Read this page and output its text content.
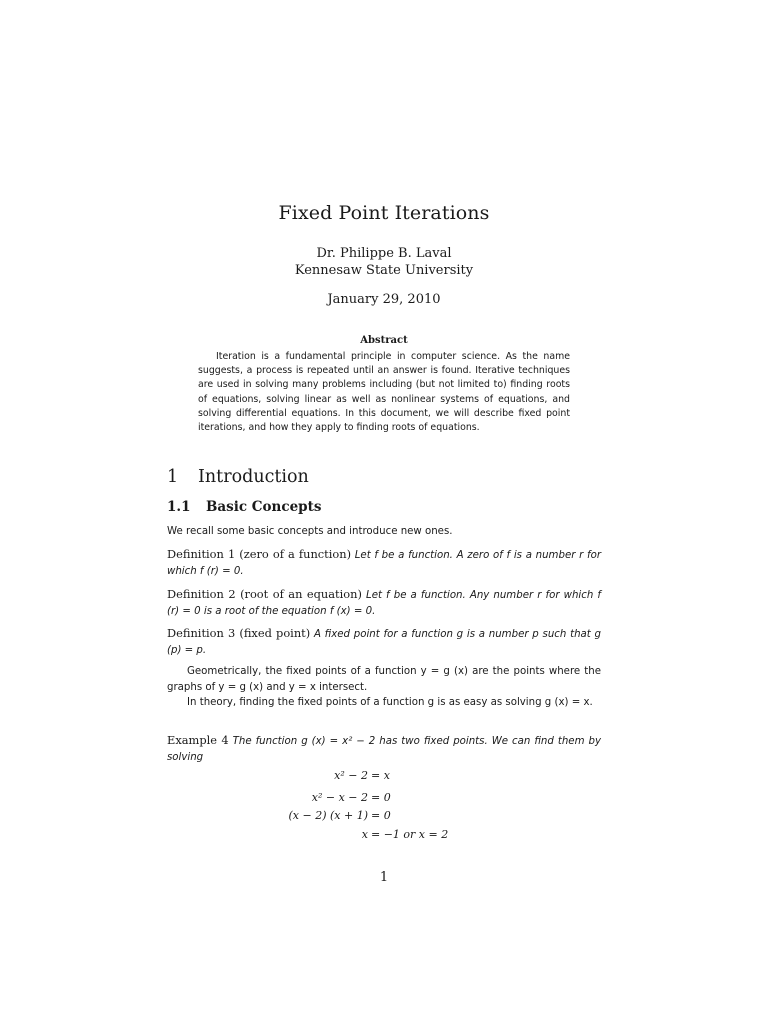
Fixed Point Iterations
Dr. Philippe B. Laval
Kennesaw State University
January 29, 2010
Abstract

Iteration is a fundamental principle in computer science. As the name suggests, a process is repeated until an answer is found. Iterative techniques are used in solving many problems including (but not limited to) finding roots of equations, solving linear as well as nonlinear systems of equations, and solving differential equations. In this document, we will describe fixed point iterations, and how they apply to finding roots of equations.

1 Introduction
1.1 Basic Concepts

We recall some basic concepts and introduce new ones.

Definition 1 (zero of a function) Let f be a function. A zero of f is a number r for which f (r) = 0.

Definition 2 (root of an equation) Let f be a function. Any number r for which f (r) = 0 is a root of the equation f (x) = 0.

Definition 3 (fixed point) A fixed point for a function g is a number p such that g (p) = p.

Geometrically, the fixed points of a function y = g (x) are the points where the graphs of y = g (x) and y = x intersect.

In theory, finding the fixed points of a function g is as easy as solving g (x) = x.

Example 4 The function g (x) = x² − 2 has two fixed points. We can find them by solving

x² − 2 = x
x² − x − 2 = 0
(x − 2) (x + 1) = 0
x = −1 or x = 2
1
